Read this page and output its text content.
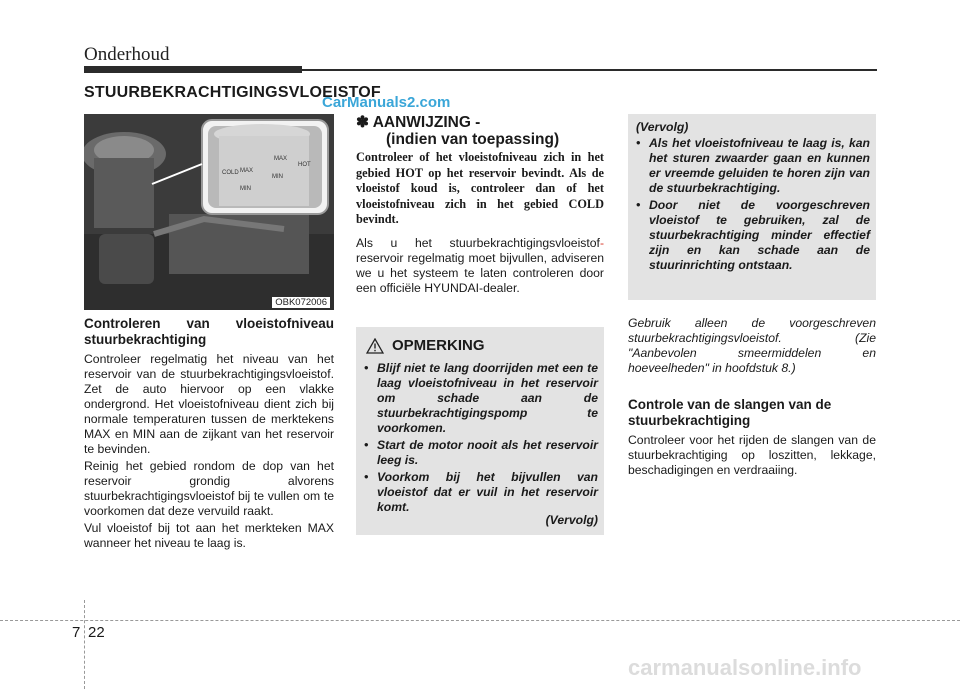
Onderhoud
STUURBEKRACHTIGINGSVLOEISTOF
CarManuals2.com
MAX
HOT
MIN
COLD MAX
MIN
OBK072006
Controleren van vloeistofniveau stuurbekrachtiging

Controleer regelmatig het niveau van het reservoir van de stuurbekrachtigingsvloeistof. Zet de auto hiervoor op een vlakke ondergrond. Het vloeistofniveau dient zich bij normale temperaturen tussen de merktekens MAX en MIN aan de zijkant van het reservoir te bevinden.

Reinig het gebied rondom de dop van het reservoir grondig alvorens stuurbekrachtigingsvloeistof bij te vullen om te voorkomen dat deze vervuild raakt.

Vul vloeistof bij tot aan het merkteken MAX wanneer het niveau te laag is.

✽ AANWIJZING -
(indien van toepassing)
Controleer of het vloeistofniveau zich in het gebied HOT op het reservoir bevindt. Als de vloeistof koud is, controleer dan of het vloeistofniveau zich in het gebied COLD bevindt.
Als u het stuurbekrachtigingsvloeistof- reservoir regelmatig moet bijvullen, adviseren we u het systeem te laten controleren door een officiële HYUNDAI-dealer.
OPMERKING
• Blijf niet te lang doorrijden met een te laag vloeistofniveau in het reservoir om schade aan de stuurbekrachtigingspomp te voorkomen.
• Start de motor nooit als het reservoir leeg is.
• Voorkom bij het bijvullen van vloeistof dat er vuil in het reservoir komt.
(Vervolg)
(Vervolg)
• Als het vloeistofniveau te laag is, kan het sturen zwaarder gaan en kunnen er vreemde geluiden te horen zijn van de stuurbekrachtiging.
• Door niet de voorgeschreven vloeistof te gebruiken, zal de stuurbekrachtiging minder effectief zijn en kan schade aan de stuurinrichting ontstaan.
Gebruik alleen de voorgeschreven stuurbekrachtigingsvloeistof. (Zie "Aanbevolen smeermiddelen en hoeveelheden" in hoofdstuk 8.)
Controle van de slangen van de stuurbekrachtiging
Controleer voor het rijden de slangen van de stuurbekrachtiging op loszitten, lekkage, beschadigingen en verdraaiing.
7 22
carmanualsonline.info
